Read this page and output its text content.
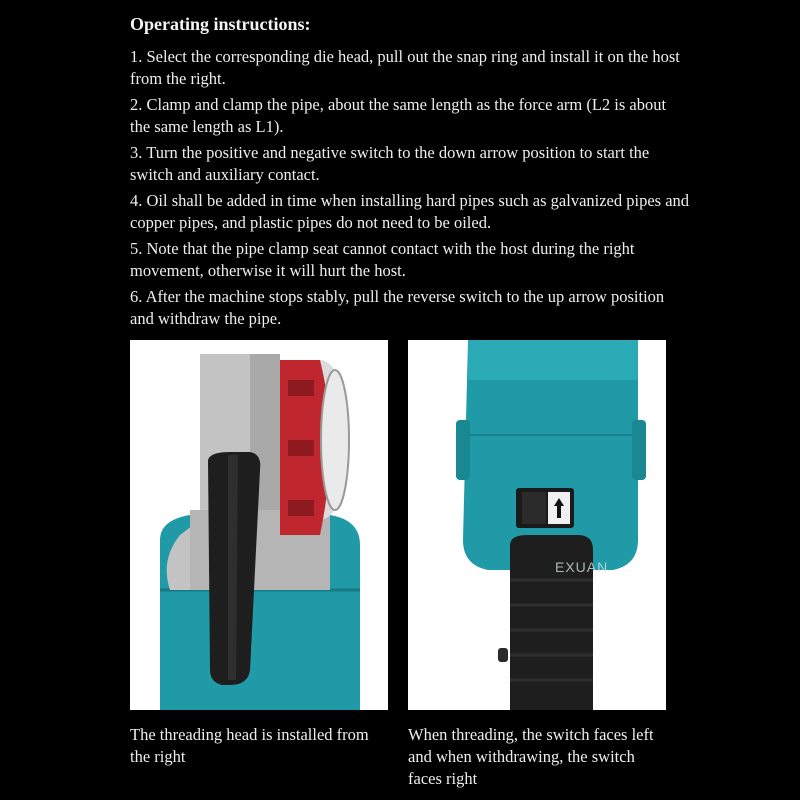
Operating instructions:
1. Select the corresponding die head, pull out the snap ring and install it on the host from the right.
2. Clamp and clamp the pipe, about the same length as the force arm (L2 is about the same length as L1).
3. Turn the positive and negative switch to the down arrow position to start the switch and auxiliary contact.
4. Oil shall be added in time when installing hard pipes such as galvanized pipes and copper pipes, and plastic pipes do not need to be oiled.
5. Note that the pipe clamp seat cannot contact with the host during the right movement, otherwise it will hurt the host.
6. After the machine stops stably, pull the reverse switch to the up arrow position and withdraw the pipe.
EXUAN
The threading head is installed from the right
When threading, the switch faces left and when withdrawing, the switch faces right
